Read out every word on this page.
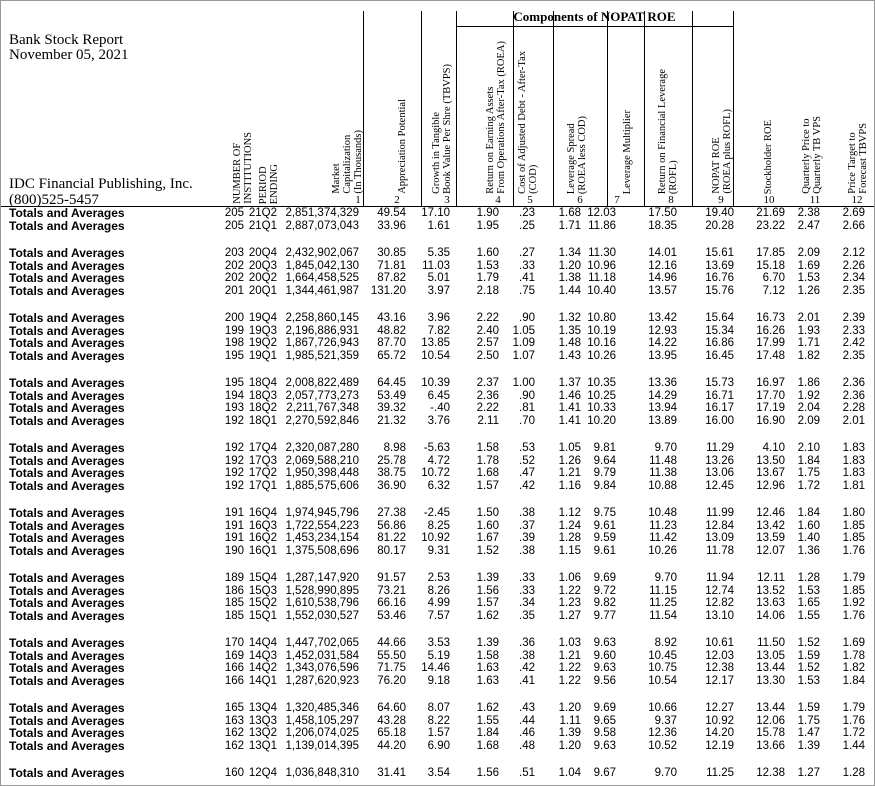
Bank Stock Report
November 05, 2021
IDC Financial Publishing, Inc.
(800)525-5457
Components of NOPAT ROE
NUMBER OF
INSTITUTIONS PERIOD
ENDING	Market
Capitalization
(In Thousands)
1
Appreciation Potential
2
Growth in Tangible
Book Value Per Shre (TBVPS)
3
Return on Earning Assets
From Operations After-Tax (ROEA)
4
Cost of Adjusted Debt - After-Tax
(COD)
5
Leverage Spread
(ROEA less COD)
6
Leverage Multiplier
7
Return on Financial Leverage
(ROFL)
8
NOPAT ROE
(ROEA plus ROFL)
9
Stockholder ROE
10
Quarterly Price to
Quarterly TB VPS
11
Price Target to
Forecast TBVPS
12
Totals and Averages	205 21Q2 2,851,374,329	49.54	17.10	1.90	.23	1.68 12.03	17.50	19.40	21.69	2.38	2.69
Totals and Averages	205 21Q1 2,887,073,043	33.96	1.61	1.95	.25	1.71 11.86	18.35	20.28	23.22	2.47	2.66
Totals and Averages	203 20Q4 2,432,902,067	30.85	5.35	1.60	.27	1.34 11.30	14.01	15.61	17.85	2.09	2.12
Totals and Averages	202 20Q3 1,845,042,130	71.81	11.03	1.53	.33	1.20 10.96	12.16	13.69	15.18	1.69	2.26
Totals and Averages	202 20Q2 1,664,458,525	87.82	5.01	1.79	.41	1.38 11.18	14.96	16.76	6.70	1.53	2.34
Totals and Averages	201 20Q1 1,344,461,987	131.20	3.97	2.18	.75	1.44 10.40	13.57	15.76	7.12	1.26	2.35
Totals and Averages	200 19Q4 2,258,860,145	43.16	3.96	2.22	.90	1.32 10.80	13.42	15.64	16.73	2.01	2.39
Totals and Averages	199 19Q3 2,196,886,931	48.82	7.82	2.40	1.05	1.35 10.19	12.93	15.34	16.26	1.93	2.33
Totals and Averages	198 19Q2 1,867,726,943	87.70	13.85	2.57	1.09	1.48 10.16	14.22	16.86	17.99	1.71	2.42
Totals and Averages	195 19Q1 1,985,521,359	65.72	10.54	2.50	1.07	1.43 10.26	13.95	16.45	17.48	1.82	2.35
Totals and Averages	195 18Q4 2,008,822,489	64.45	10.39	2.37	1.00	1.37 10.35	13.36	15.73	16.97	1.86	2.36
Totals and Averages	194 18Q3 2,057,773,273	53.49	6.45	2.36	.90	1.46 10.25	14.29	16.71	17.70	1.92	2.36
Totals and Averages	193 18Q2 2,211,767,348	39.32	-.40	2.22	.81	1.41 10.33	13.94	16.17	17.19	2.04	2.28
Totals and Averages	192 18Q1 2,270,592,846	21.32	3.76	2.11	.70	1.41 10.20	13.89	16.00	16.90	2.09	2.01
Totals and Averages	192 17Q4 2,320,087,280	8.98	-5.63	1.58	.53	1.05	9.81	9.70	11.29	4.10	2.10	1.83
Totals and Averages	192 17Q3 2,069,588,210	25.78	4.72	1.78	.52	1.26	9.64	11.48	13.26	13.50	1.84	1.83
Totals and Averages	192 17Q2 1,950,398,448	38.75	10.72	1.68	.47	1.21	9.79	11.38	13.06	13.67	1.75	1.83
Totals and Averages	192 17Q1 1,885,575,606	36.90	6.32	1.57	.42	1.16	9.84	10.88	12.45	12.96	1.72	1.81
Totals and Averages	191 16Q4 1,974,945,796	27.38	-2.45	1.50	.38	1.12	9.75	10.48	11.99	12.46	1.84	1.80
Totals and Averages	191 16Q3 1,722,554,223	56.86	8.25	1.60	.37	1.24	9.61	11.23	12.84	13.42	1.60	1.85
Totals and Averages	191 16Q2 1,453,234,154	81.22	10.92	1.67	.39	1.28	9.59	11.42	13.09	13.59	1.40	1.85
Totals and Averages	190 16Q1 1,375,508,696	80.17	9.31	1.52	.38	1.15	9.61	10.26	11.78	12.07	1.36	1.76
Totals and Averages	189 15Q4 1,287,147,920	91.57	2.53	1.39	.33	1.06	9.69	9.70	11.94	12.11	1.28	1.79
Totals and Averages	186 15Q3 1,528,990,895	73.21	8.26	1.56	.33	1.22	9.72	11.15	12.74	13.52	1.53	1.85
Totals and Averages	185 15Q2 1,610,538,796	66.16	4.99	1.57	.34	1.23	9.82	11.25	12.82	13.63	1.65	1.92
Totals and Averages	185 15Q1 1,552,030,527	53.46	7.57	1.62	.35	1.27	9.77	11.54	13.10	14.06	1.55	1.76
Totals and Averages	170 14Q4 1,447,702,065	44.66	3.53	1.39	.36	1.03	9.63	8.92	10.61	11.50	1.52	1.69
Totals and Averages	169 14Q3 1,452,031,584	55.50	5.19	1.58	.38	1.21	9.60	10.45	12.03	13.05	1.59	1.78
Totals and Averages	166 14Q2 1,343,076,596	71.75	14.46	1.63	.42	1.22	9.63	10.75	12.38	13.44	1.52	1.82
Totals and Averages	166 14Q1 1,287,620,923	76.20	9.18	1.63	.41	1.22	9.56	10.54	12.17	13.30	1.53	1.84
Totals and Averages	165 13Q4 1,320,485,346	64.60	8.07	1.62	.43	1.20	9.69	10.66	12.27	13.44	1.59	1.79
Totals and Averages	163 13Q3 1,458,105,297	43.28	8.22	1.55	.44	1.11	9.65	9.37	10.92	12.06	1.75	1.76
Totals and Averages	162 13Q2 1,206,074,025	65.18	1.57	1.84	.46	1.39	9.58	12.36	14.20	15.78	1.47	1.72
Totals and Averages	162 13Q1 1,139,014,395	44.20	6.90	1.68	.48	1.20	9.63	10.52	12.19	13.66	1.39	1.44
Totals and Averages	160 12Q4 1,036,848,310	31.41	3.54	1.56	.51	1.04	9.67	9.70	11.25	12.38	1.27	1.28
